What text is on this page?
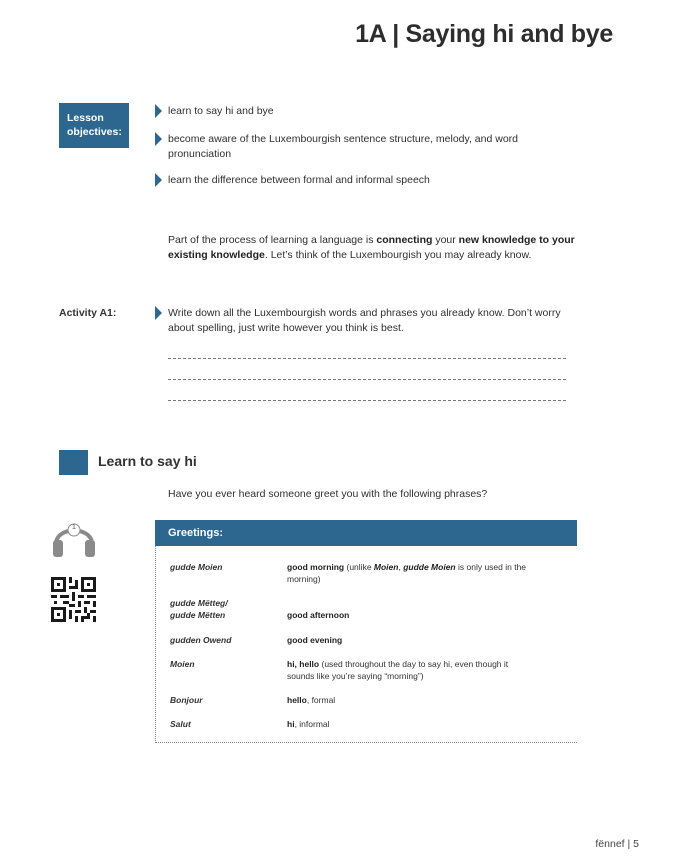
1A | Saying hi and bye
Lesson objectives:
learn to say hi and bye
become aware of the Luxembourgish sentence structure, melody, and word pronunciation
learn the difference between formal and informal speech
Part of the process of learning a language is connecting your new knowledge to your existing knowledge. Let’s think of the Luxembourgish you may already know.
Activity A1:	Write down all the Luxembourgish words and phrases you already know. Don’t worry about spelling, just write however you think is best.
Learn to say hi
Have you ever heard someone greet you with the following phrases?
1	Greetings:
gudde Moien	good morning (unlike Moien, gudde Moien is only used in the morning)
gudde Mëtteg/ gudde Mëtten	good afternoon
gudden Owend	good evening
Moien	hi, hello (used throughout the day to say hi, even though it sounds like you’re saying “morning”)
Bonjour	hello, formal
Salut	hi, informal
fënnef | 5
